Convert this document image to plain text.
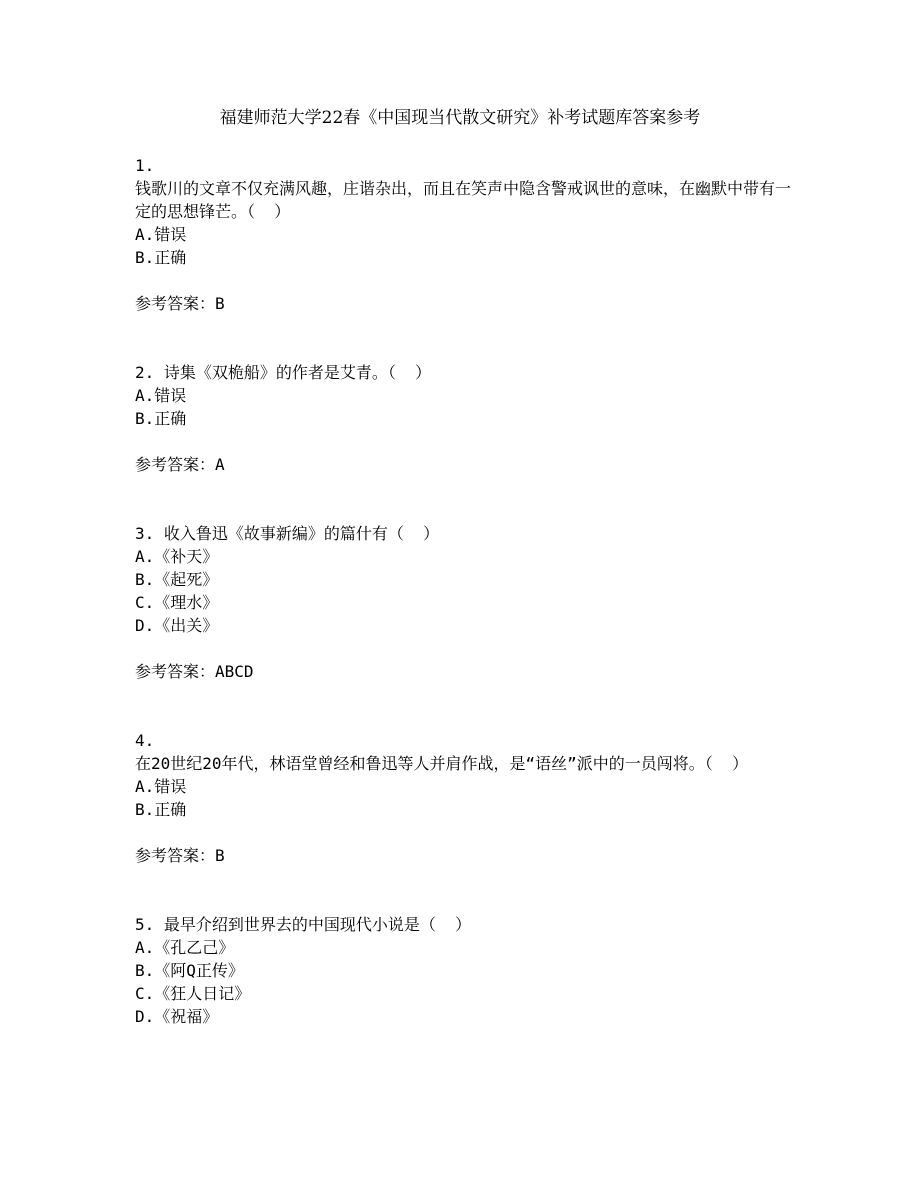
福建师范大学22春《中国现当代散文研究》补考试题库答案参考
1.
钱歌川的文章不仅充满风趣，庄谐杂出，而且在笑声中隐含警戒讽世的意味，在幽默中带有一定的思想锋芒。（  ）
A.错误
B.正确
参考答案：B
2. 诗集《双桅船》的作者是艾青。（  ）
A.错误
B.正确
参考答案：A
3. 收入鲁迅《故事新编》的篇什有（  ）
A.《补天》
B.《起死》
C.《理水》
D.《出关》
参考答案：ABCD
4.
在20世纪20年代，林语堂曾经和鲁迅等人并肩作战，是“语丝”派中的一员闯将。（  ）
A.错误
B.正确
参考答案：B
5. 最早介绍到世界去的中国现代小说是（  ）
A.《孔乙己》
B.《阿Q正传》
C.《狂人日记》
D.《祝福》
